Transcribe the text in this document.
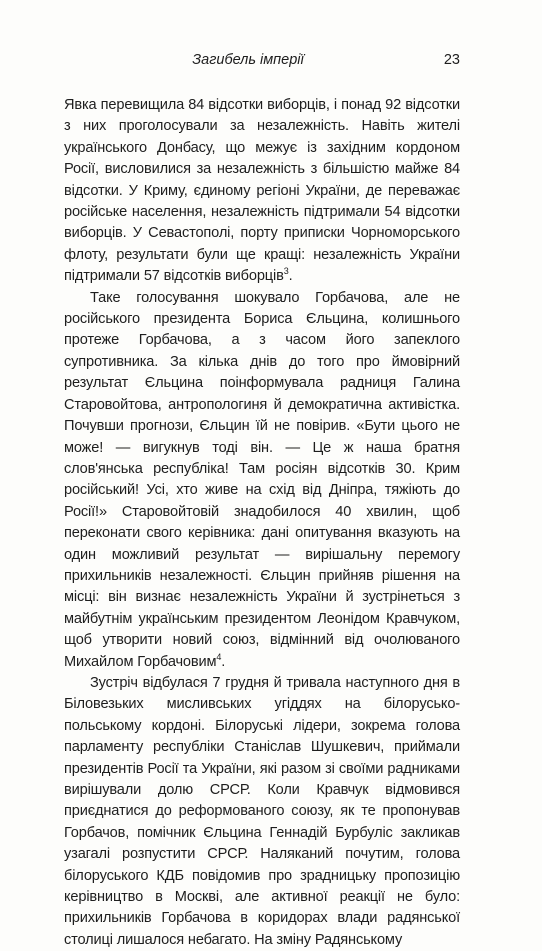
Загибель імперії	23

Явка перевищила 84 відсотки виборців, і понад 92 відсотки з них проголосували за незалежність. Навіть жителі українського Донбасу, що межує із західним кордоном Росії, висловилися за незалежність з більшістю майже 84 відсотки. У Криму, єдиному регіоні України, де переважає російське населення, незалежність підтримали 54 відсотки виборців. У Севастополі, порту приписки Чорноморського флоту, результати були ще кращі: незалежність України підтримали 57 відсотків виборців$^3$.

Таке голосування шокувало Горбачова, але не російського президента Бориса Єльцина, колишнього протеже Горбачова, а з часом його запеклого супротивника. За кілька днів до того про ймовірний результат Єльцина поінформувала радниця Галина Старовойтова, антропологиня й демократична активістка. Почувши прогнози, Єльцин їй не повірив. «Бути цього не може! — вигукнув тоді він. — Це ж наша братня слов'янська республіка! Там росіян відсотків 30. Крим російський! Усі, хто живе на схід від Дніпра, тяжіють до Росії!» Старовойтовій знадобилося 40 хвилин, щоб переконати свого керівника: дані опитування вказують на один можливий результат — вирішальну перемогу прихильників незалежності. Єльцин прийняв рішення на місці: він визнає незалежність України й зустрінеться з майбутнім українським президентом Леонідом Кравчуком, щоб утворити новий союз, відмінний від очолюваного Михайлом Горбачовим$^4$.

Зустріч відбулася 7 грудня й тривала наступного дня в Біловезьких мисливських угіддях на білорусько-польському кордоні. Білоруські лідери, зокрема голова парламенту республіки Станіслав Шушкевич, приймали президентів Росії та України, які разом зі своїми радниками вирішували долю СРСР. Коли Кравчук відмовився приєднатися до реформованого союзу, як те пропонував Горбачов, помічник Єльцина Геннадій Бурбуліс закликав узагалі розпустити СРСР. Наляканий почутим, голова білоруського КДБ повідомив про зрадницьку пропозицію керівництво в Москві, але активної реакції не було: прихильників Горбачова в коридорах влади радянської столиці лишалося небагато. На зміну Радянському
